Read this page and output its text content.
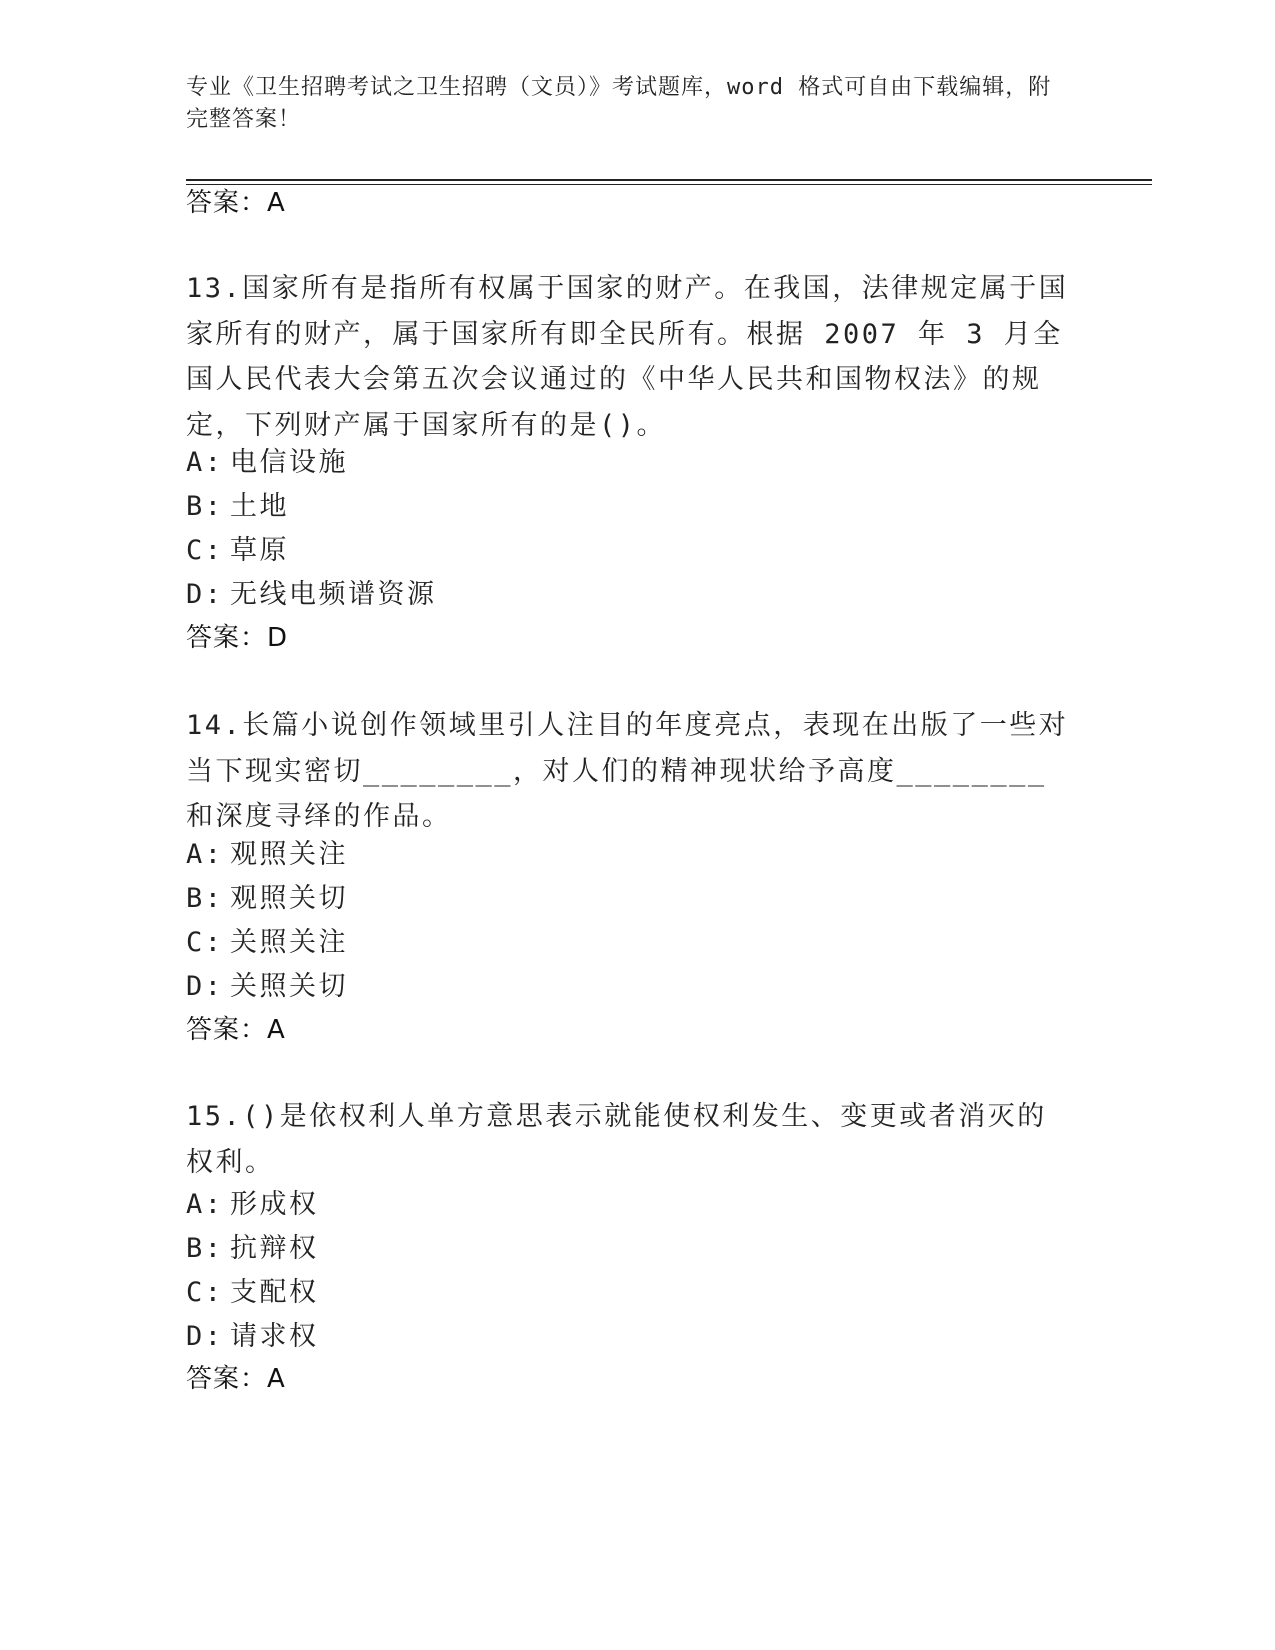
专业《卫生招聘考试之卫生招聘（文员）》考试题库，word 格式可自由下载编辑，附完整答案！
答案：A
13.国家所有是指所有权属于国家的财产。在我国，法律规定属于国家所有的财产，属于国家所有即全民所有。根据 2007 年 3 月全国人民代表大会第五次会议通过的《中华人民共和国物权法》的规定，下列财产属于国家所有的是()。
A: 电信设施
B: 土地
C: 草原
D: 无线电频谱资源
答案：D
14.长篇小说创作领域里引人注目的年度亮点，表现在出版了一些对当下现实密切________，对人们的精神现状给予高度________和深度寻绎的作品。
A: 观照关注
B: 观照关切
C: 关照关注
D: 关照关切
答案：A
15.()是依权利人单方意思表示就能使权利发生、变更或者消灭的权利。
A: 形成权
B: 抗辩权
C: 支配权
D: 请求权
答案：A
